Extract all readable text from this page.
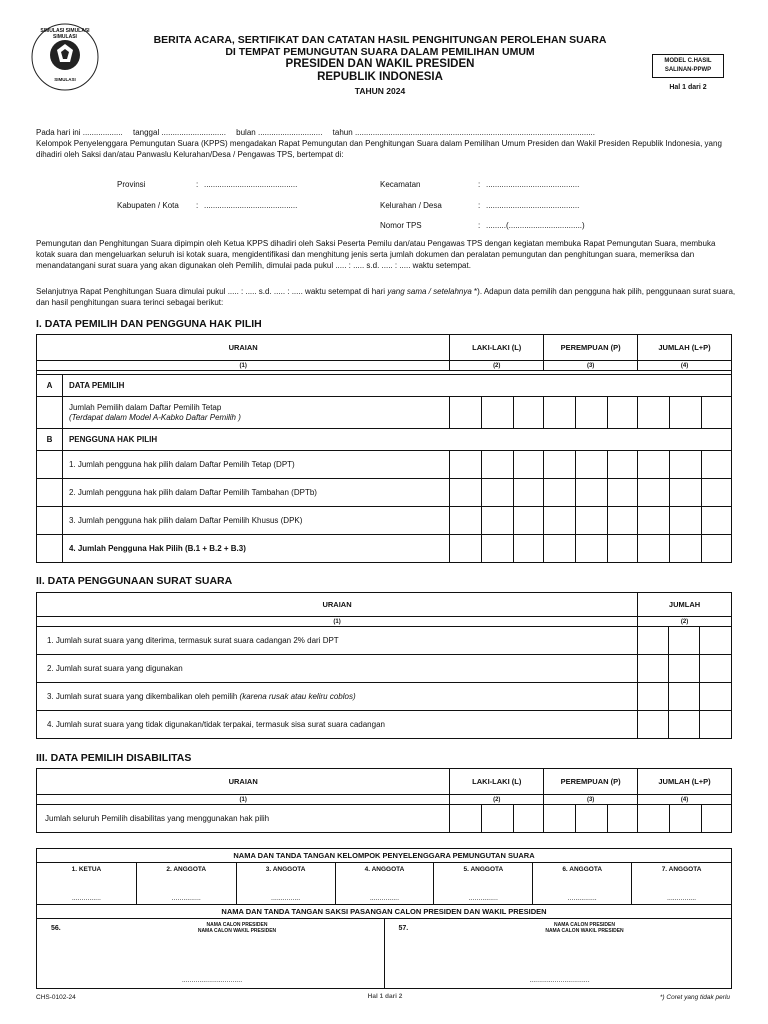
SIMULASI SIMULASI SIMULASI
SIMULASI
BERITA ACARA, SERTIFIKAT DAN CATATAN HASIL PENGHITUNGAN PEROLEHAN SUARA
DI TEMPAT PEMUNGUTAN SUARA DALAM PEMILIHAN UMUM
PRESIDEN DAN WAKIL PRESIDEN
REPUBLIK INDONESIA
TAHUN 2024
MODEL C.HASIL
SALINAN-PPWP
Hal 1 dari 2
Pada hari ini .................. tanggal ............................. bulan ............................. tahun ............................................................................................................
Kelompok Penyelenggara Pemungutan Suara (KPPS) mengadakan Rapat Pemungutan dan Penghitungan Suara dalam Pemilihan Umum Presiden dan Wakil Presiden Republik Indonesia, yang dihadiri oleh Saksi dan/atau Panwaslu Kelurahan/Desa / Pengawas TPS, bertempat di:
Provinsi	: ..........................................
Kabupaten / Kota : ..........................................
Kecamatan	: ..........................................
Kelurahan / Desa	: ..........................................
Nomor TPS	: .........(.................................)
Pemungutan dan Penghitungan Suara dipimpin oleh Ketua KPPS dihadiri oleh Saksi Peserta Pemilu dan/atau Pengawas TPS dengan kegiatan membuka Rapat Pemungutan Suara, membuka kotak suara dan mengeluarkan seluruh isi kotak suara, mengidentifikasi dan menghitung jenis serta jumlah dokumen dan peralatan pemungutan dan penghitungan suara, memeriksa dan menandatangani surat suara yang akan digunakan oleh Pemilih, dimulai pada pukul ..... : ..... s.d. ..... : ..... waktu setempat.
Selanjutnya Rapat Penghitungan Suara dimulai pukul ..... : ..... s.d. ..... : ..... waktu setempat di hari yang sama / setelahnya *). Adapun data pemilih dan pengguna hak pilih, penggunaan surat suara, dan hasil penghitungan suara terinci sebagai berikut:
I. DATA PEMILIH DAN PENGGUNA HAK PILIH
URAIAN		LAKI-LAKI (L)			PEREMPUAN (P)			JUMLAH (L+P)		
(1)		(2)			(3)			(4)		

A	DATA PEMILIH									

	Jumlah Pemilih dalam Daftar Pemilih Tetap
(Terdapat dalam Model A-Kabko Daftar Pemilih )									

B	PENGGUNA HAK PILIH									
	1. Jumlah pengguna hak pilih dalam Daftar Pemilih Tetap (DPT)									
	2. Jumlah pengguna hak pilih dalam Daftar Pemilih Tambahan (DPTb)									
	3. Jumlah pengguna hak pilih dalam Daftar Pemilih Khusus (DPK)									
	4. Jumlah Pengguna Hak Pilih (B.1 + B.2 + B.3)									
II. DATA PENGGUNAAN SURAT SUARA
URAIAN	JUMLAH		
(1)	(2)		
1. Jumlah surat suara yang diterima, termasuk surat suara cadangan 2% dari DPT			
2. Jumlah surat suara yang digunakan			
3. Jumlah surat suara yang dikembalikan oleh pemilih (karena rusak atau keliru coblos)			
4. Jumlah surat suara yang tidak digunakan/tidak terpakai, termasuk sisa surat suara cadangan			
III. DATA PEMILIH DISABILITAS
URAIAN	LAKI-LAKI (L)			PEREMPUAN (P)			JUMLAH (L+P)		
(1)	(2)			(3)			(4)		
Jumlah seluruh Pemilih disabilitas yang menggunakan hak pilih									
NAMA DAN TANDA TANGAN KELOMPOK PENYELENGGARA PEMUNGUTAN SUARA

1. KETUA
...............

2. ANGGOTA
...............

3. ANGGOTA
...............

4. ANGGOTA
...............

5. ANGGOTA
...............

6. ANGGOTA
...............

7. ANGGOTA
...............

NAMA DAN TANDA TANGAN SAKSI PASANGAN CALON PRESIDEN DAN WAKIL PRESIDEN
56.	NAMA CALON PRESIDEN
NAMA CALON WAKIL PRESIDEN
...............................

57.	NAMA CALON PRESIDEN
NAMA CALON WAKIL PRESIDEN
...............................
CHS-0102-24	Hal 1 dari 2	*) Coret yang tidak perlu
